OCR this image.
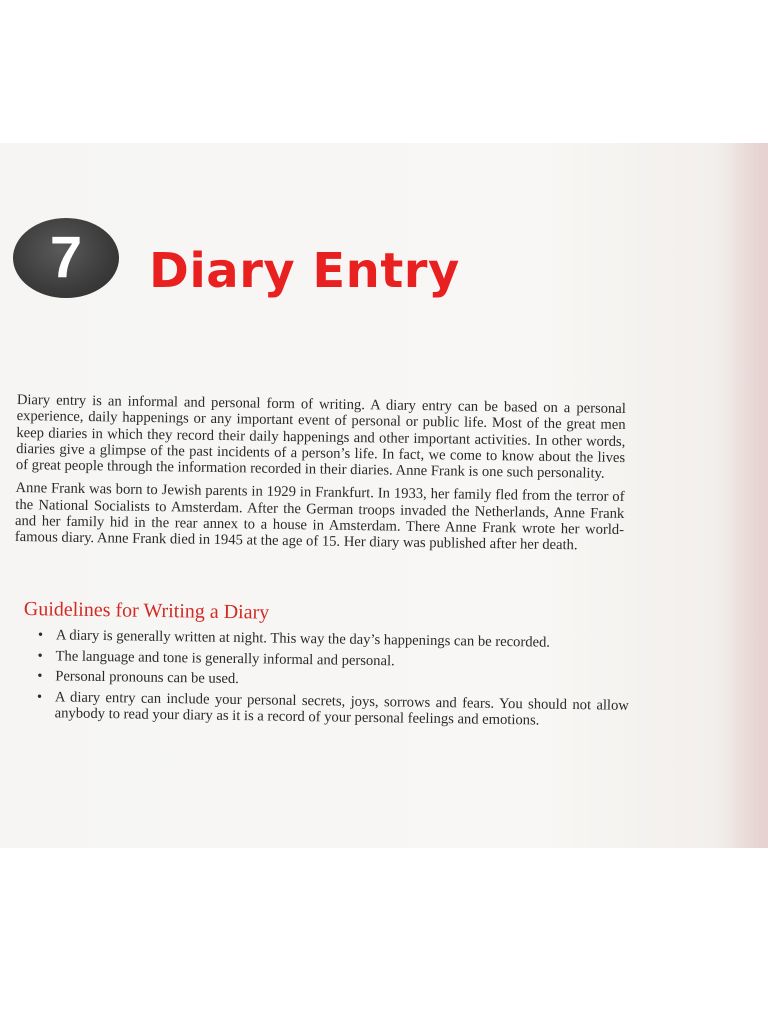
7 Diary Entry

Diary entry is an informal and personal form of writing. A diary entry can be based on a personal experience, daily happenings or any important event of personal or public life. Most of the great men keep diaries in which they record their daily happenings and other important activities. In other words, diaries give a glimpse of the past incidents of a person’s life. In fact, we come to know about the lives of great people through the information recorded in their diaries. Anne Frank is one such personality.

Anne Frank was born to Jewish parents in 1929 in Frankfurt. In 1933, her family fled from the terror of the National Socialists to Amsterdam. After the German troops invaded the Netherlands, Anne Frank and her family hid in the rear annex to a house in Amsterdam. There Anne Frank wrote her world-famous diary. Anne Frank died in 1945 at the age of 15. Her diary was published after her death.

Guidelines for Writing a Diary
• A diary is generally written at night. This way the day’s happenings can be recorded.
• The language and tone is generally informal and personal.
• Personal pronouns can be used.
• A diary entry can include your personal secrets, joys, sorrows and fears. You should not allow anybody to read your diary as it is a record of your personal feelings and emotions.
